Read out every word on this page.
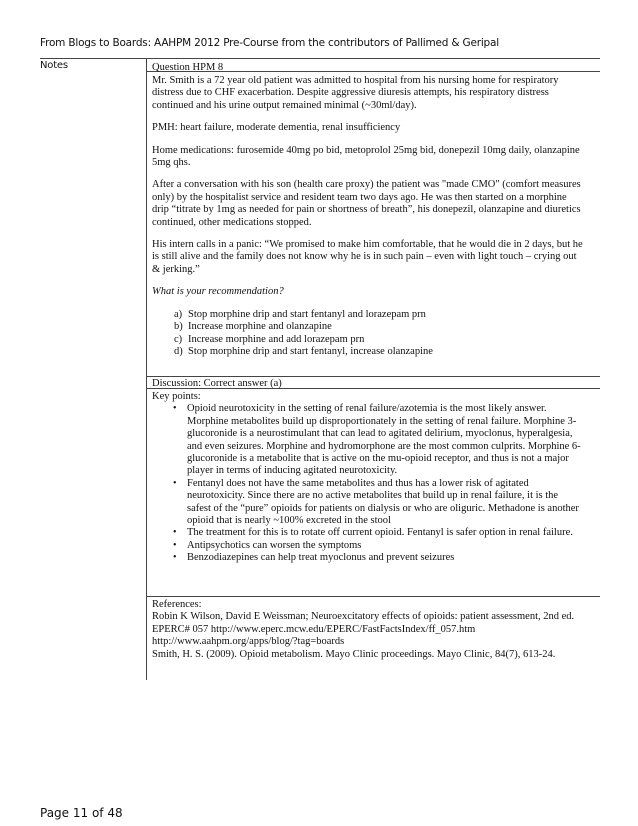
From Blogs to Boards: AAHPM 2012 Pre-Course from the contributors of Pallimed & Geripal
Notes	Question HPM 8

Mr. Smith is a 72 year old patient was admitted to hospital from his nursing home for respiratory distress due to CHF exacerbation. Despite aggressive diuresis attempts, his respiratory distress continued and his urine output remained minimal (~30ml/day).

PMH: heart failure, moderate dementia, renal insufficiency

Home medications: furosemide 40mg po bid, metoprolol 25mg bid, donepezil 10mg daily, olanzapine 5mg qhs.

After a conversation with his son (health care proxy) the patient was "made CMO" (comfort measures only) by the hospitalist service and resident team two days ago. He was then started on a morphine drip “titrate by 1mg as needed for pain or shortness of breath”, his donepezil, olanzapine and diuretics continued, other medications stopped.

His intern calls in a panic: “We promised to make him comfortable, that he would die in 2 days, but he is still alive and the family does not know why he is in such pain – even with light touch – crying out & jerking.”

What is your recommendation?

a) Stop morphine drip and start fentanyl and lorazepam prn
b) Increase morphine and olanzapine
c) Increase morphine and add lorazepam prn
d) Stop morphine drip and start fentanyl, increase olanzapine
Discussion: Correct answer (a)

Key points:

• Opioid neurotoxicity in the setting of renal failure/azotemia is the most likely answer. Morphine metabolites build up disproportionately in the setting of renal failure. Morphine 3-glucoronide is a neurostimulant that can lead to agitated delirium, myoclonus, hyperalgesia, and even seizures. Morphine and hydromorphone are the most common culprits. Morphine 6-glucoronide is a metabolite that is active on the mu-opioid receptor, and thus is not a major player in terms of inducing agitated neurotoxicity.
• Fentanyl does not have the same metabolites and thus has a lower risk of agitated neurotoxicity. Since there are no active metabolites that build up in renal failure, it is the safest of the “pure” opioids for patients on dialysis or who are oliguric. Methadone is another opioid that is nearly ~100% excreted in the stool
• The treatment for this is to rotate off current opioid. Fentanyl is safer option in renal failure.
• Antipsychotics can worsen the symptoms
• Benzodiazepines can help treat myoclonus and prevent seizures

References:

Robin K Wilson, David E Weissman; Neuroexcitatory effects of opioids: patient assessment, 2nd ed. EPERC# 057 http://www.eperc.mcw.edu/EPERC/FastFactsIndex/ff_057.htm

http://www.aahpm.org/apps/blog/?tag=boards

Smith, H. S. (2009). Opioid metabolism. Mayo Clinic proceedings. Mayo Clinic, 84(7), 613-24.

Page 11 of 48
